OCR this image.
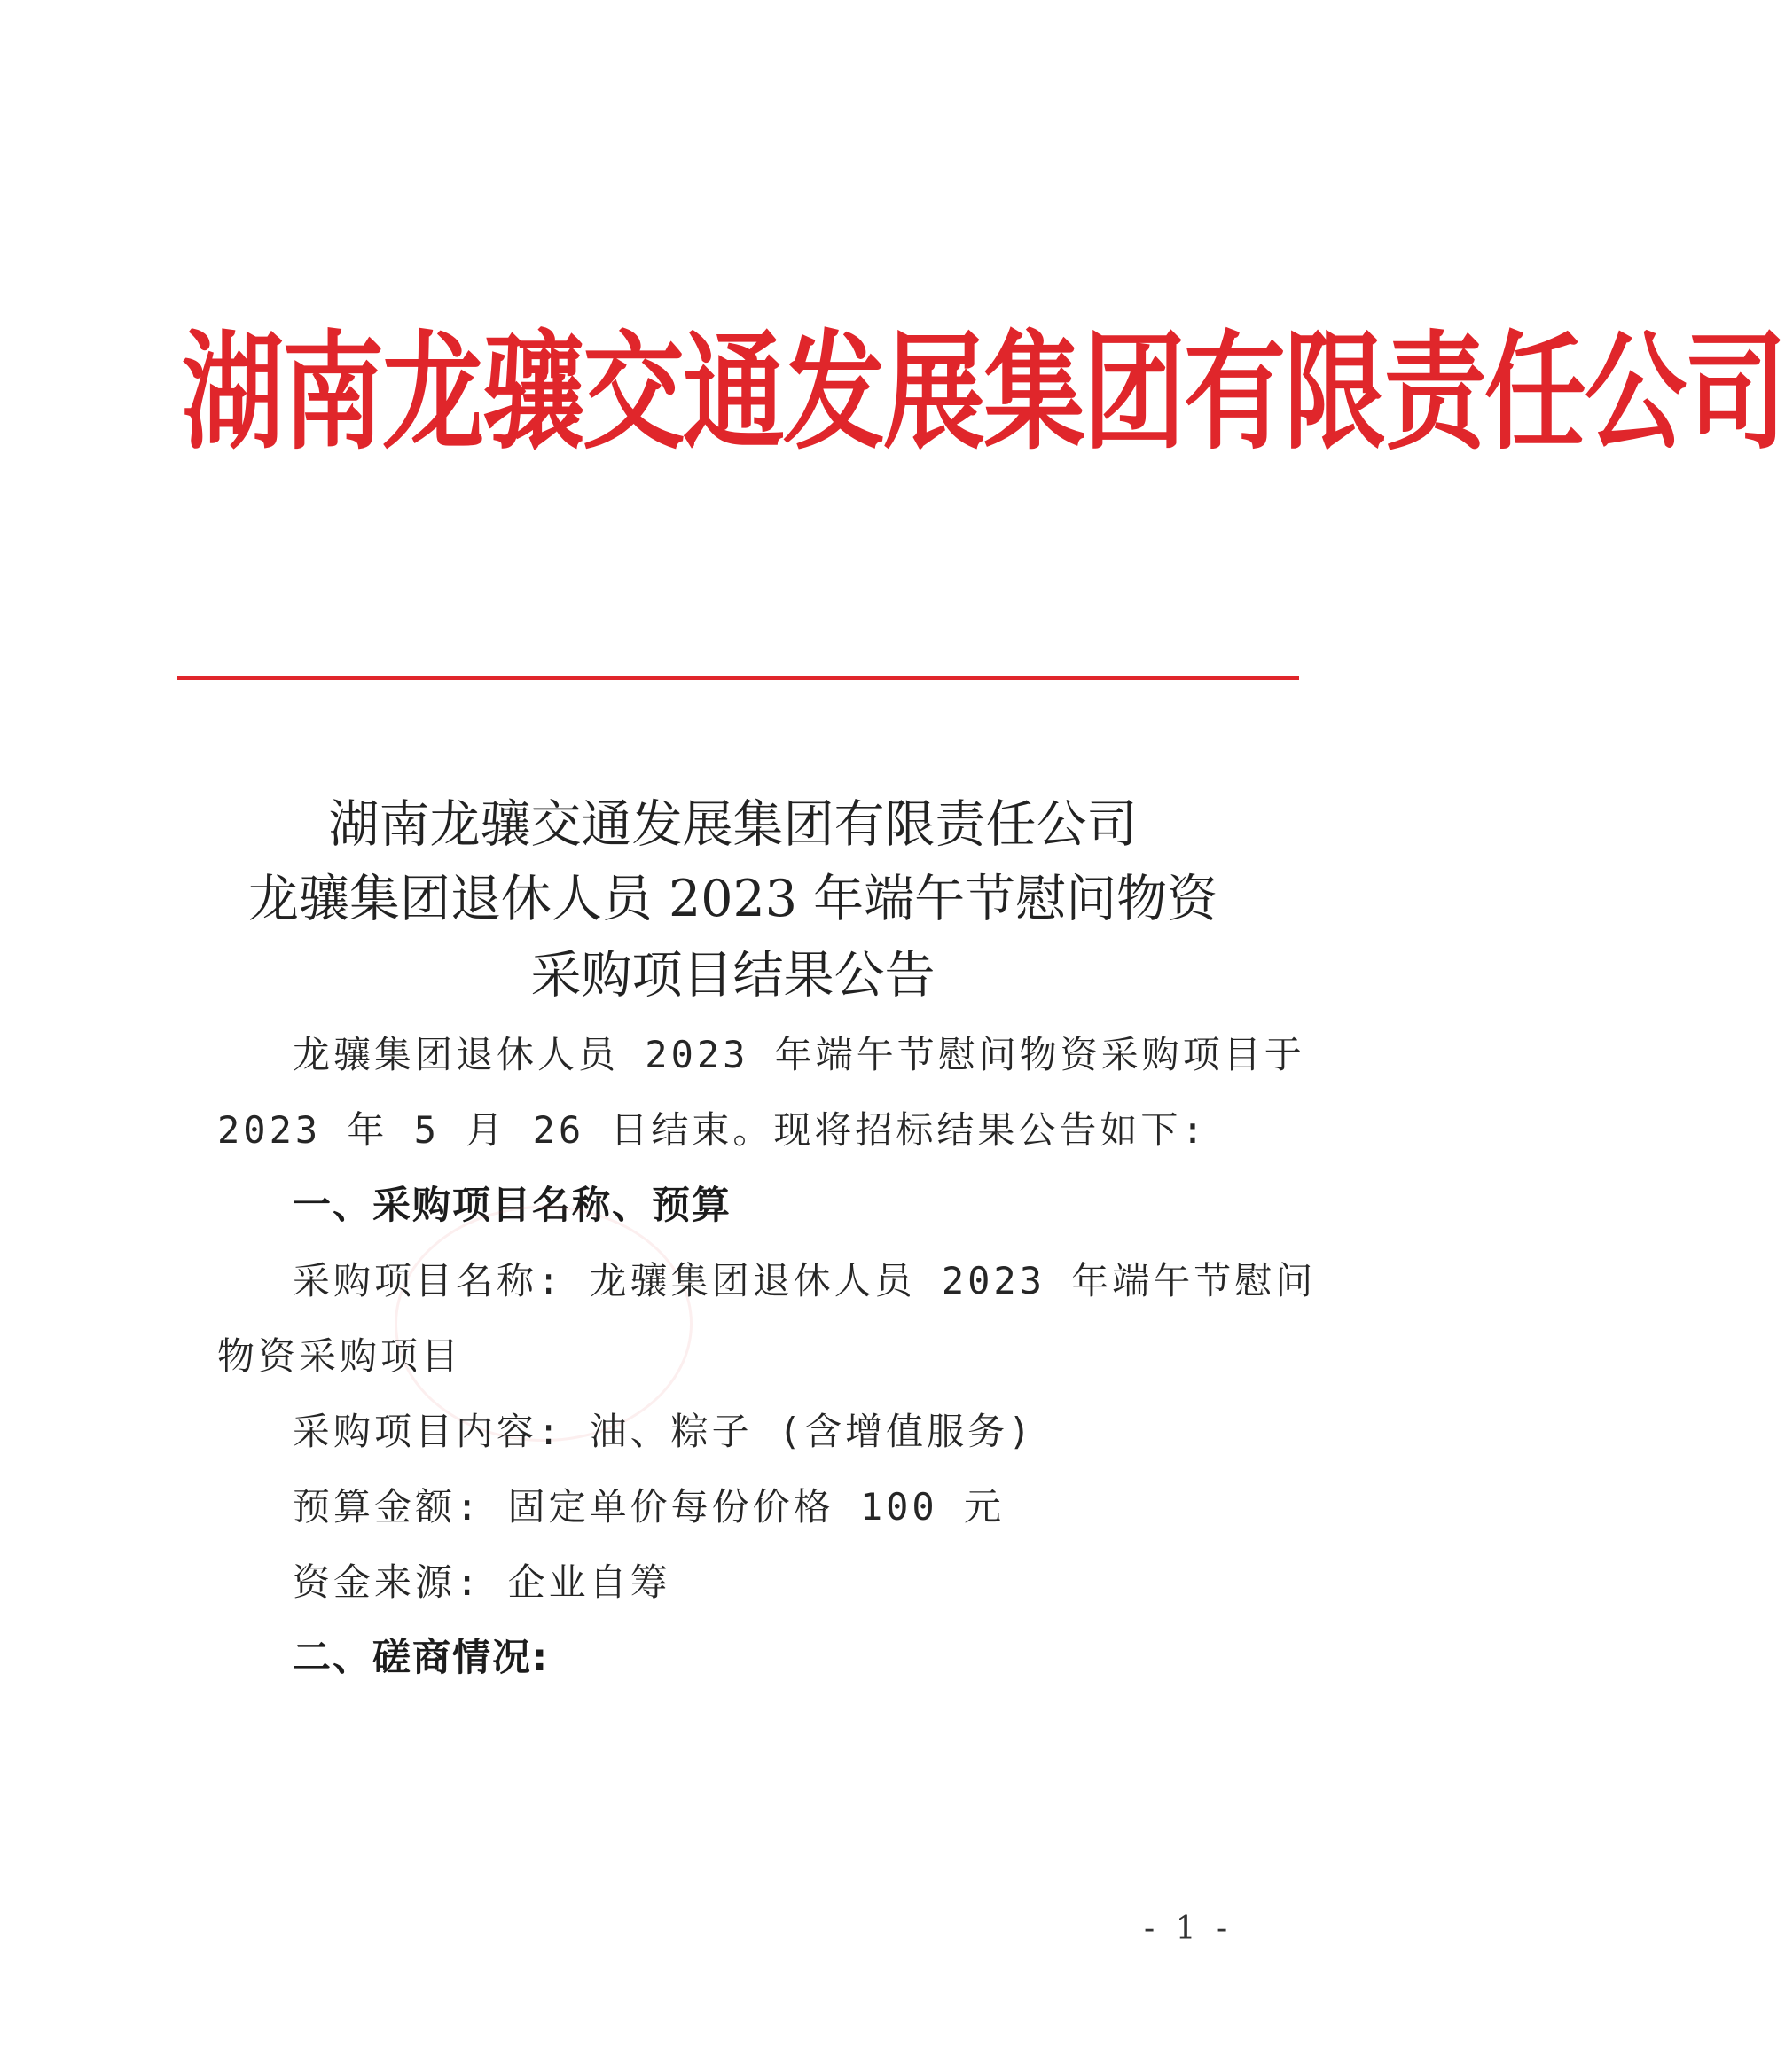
湖南龙骧交通发展集团有限责任公司
湖南龙骧交通发展集团有限责任公司
龙骧集团退休人员 2023 年端午节慰问物资
采购项目结果公告
龙骧集团退休人员 2023 年端午节慰问物资采购项目于
2023 年 5 月 26 日结束。现将招标结果公告如下:
一、采购项目名称、预算
采购项目名称: 龙骧集团退休人员 2023 年端午节慰问
物资采购项目
采购项目内容: 油、粽子 (含增值服务)
预算金额: 固定单价每份价格 100 元
资金来源: 企业自筹
二、磋商情况:
- 1 -
